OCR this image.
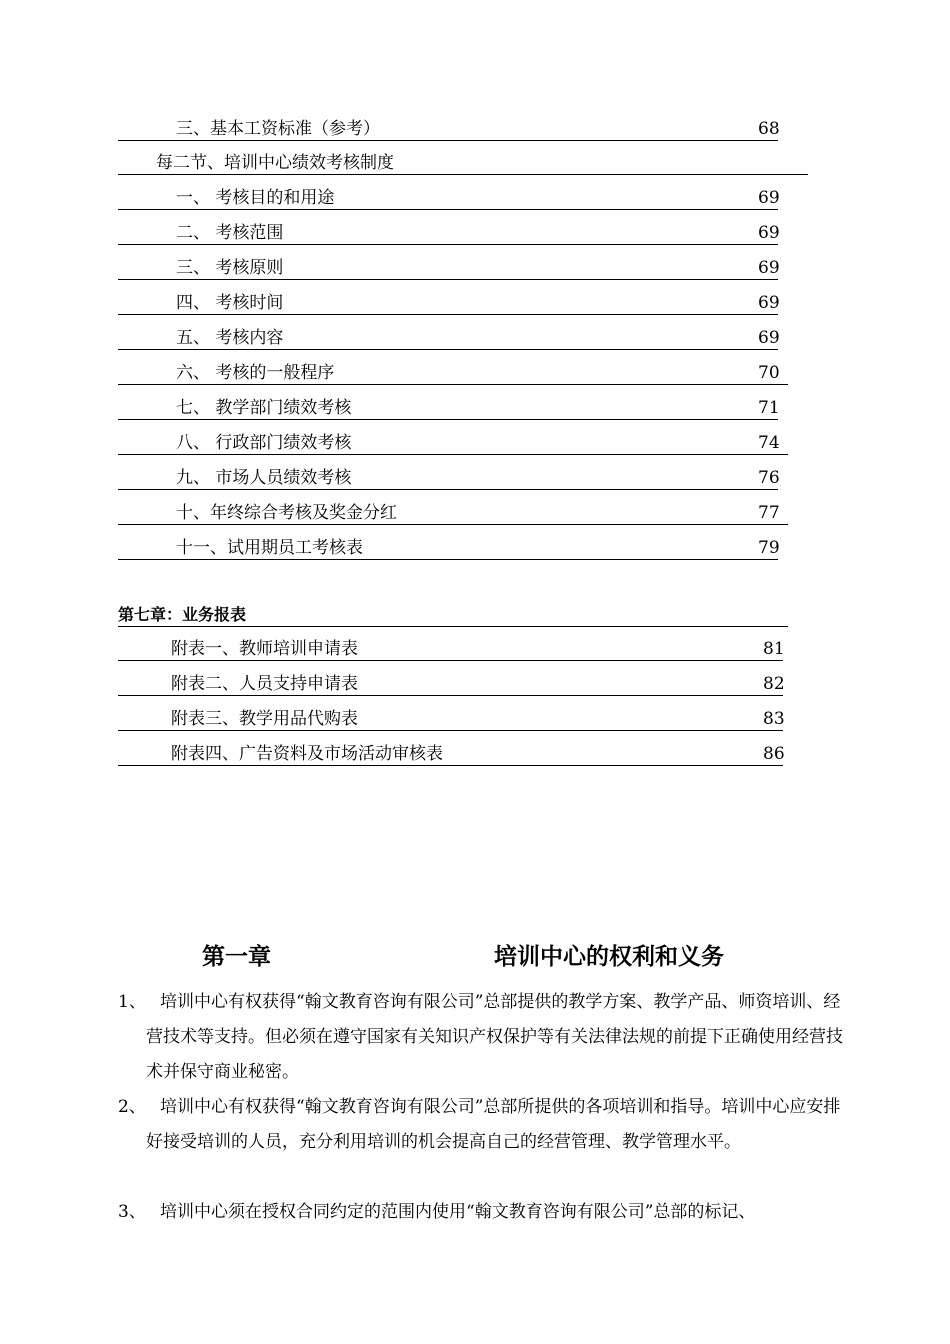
三、基本工资标准（参考）	68
每二节、培训中心绩效考核制度
一、 考核目的和用途	69
二、 考核范围	69
三、 考核原则	69
四、 考核时间	69
五、 考核内容	69
六、 考核的一般程序	70
七、 教学部门绩效考核	71
八、 行政部门绩效考核	74
九、 市场人员绩效考核	76
十、年终综合考核及奖金分红	77
十一、试用期员工考核表	79
第七章：业务报表
附表一、教师培训申请表	81
附表二、人员支持申请表	82
附表三、教学用品代购表	83
附表四、广告资料及市场活动审核表	86
第一章	培训中心的权利和义务
1、 培训中心有权获得“翰文教育咨询有限公司”总部提供的教学方案、教学产品、师资培训、经营技术等支持。但必须在遵守国家有关知识产权保护等有关法律法规的前提下正确使用经营技术并保守商业秘密。
2、 培训中心有权获得“翰文教育咨询有限公司”总部所提供的各项培训和指导。培训中心应安排好接受培训的人员，充分利用培训的机会提高自己的经营管理、教学管理水平。
3、 培训中心须在授权合同约定的范围内使用“翰文教育咨询有限公司”总部的标记、
